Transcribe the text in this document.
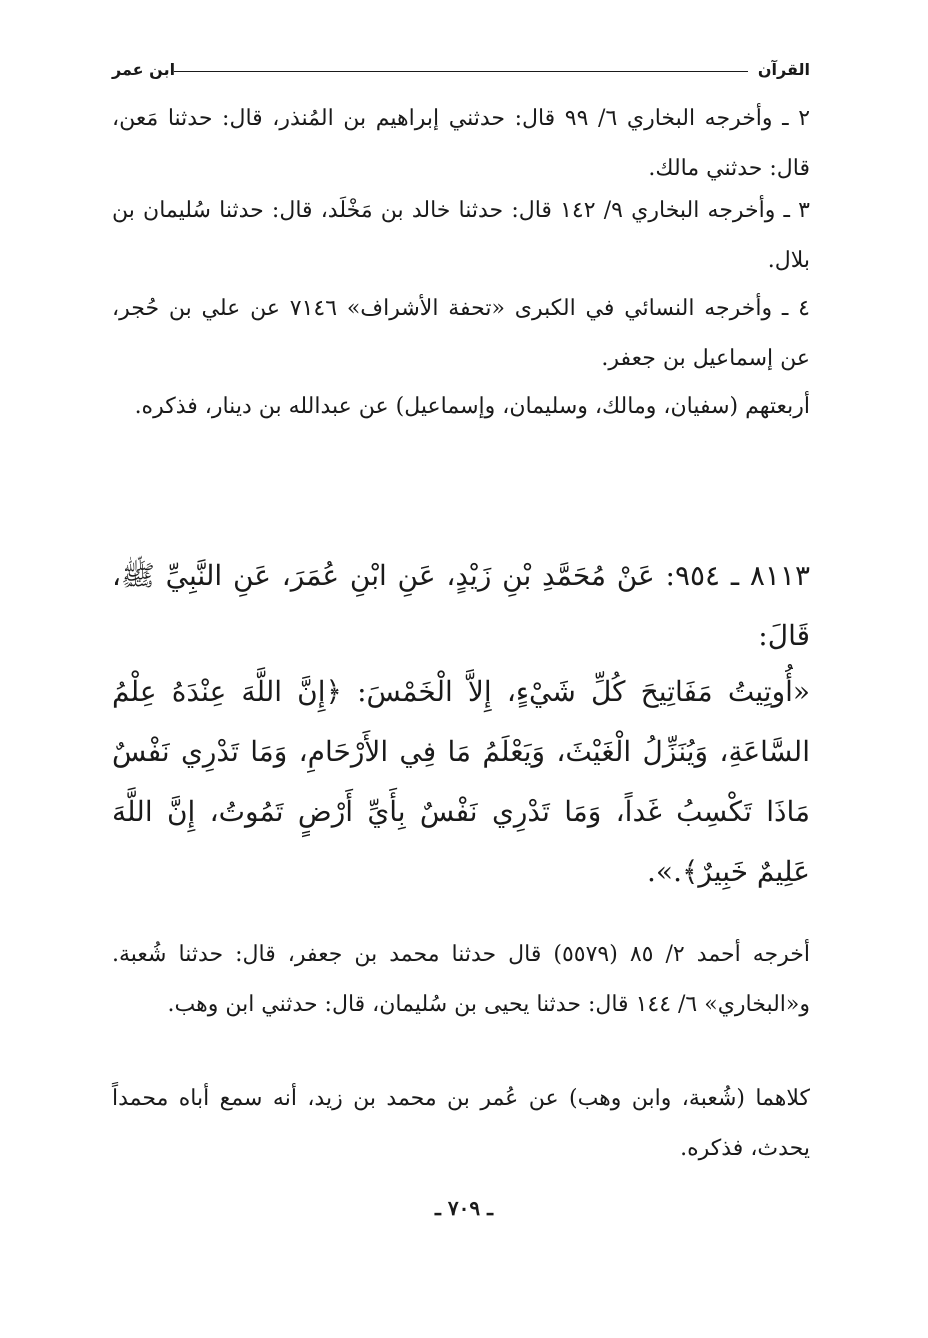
ابن عمر	القرآن

٢ ـ وأخرجه البخاري ٦/ ٩٩ قال: حدثني إبراهيم بن المُنذر، قال: حدثنا مَعن، قال: حدثني مالك.

٣ ـ وأخرجه البخاري ٩/ ١٤٢ قال: حدثنا خالد بن مَخْلَد، قال: حدثنا سُليمان بن بلال.

٤ ـ وأخرجه النسائي في الكبرى «تحفة الأشراف» ٧١٤٦ عن علي بن حُجر، عن إسماعيل بن جعفر.

أربعتهم (سفيان، ومالك، وسليمان، وإسماعيل) عن عبدالله بن دينار، فذكره.

٨١١٣ ـ ٩٥٤: عَنْ مُحَمَّدِ بْنِ زَيْدٍ، عَنِ ابْنِ عُمَرَ، عَنِ النَّبِيِّ ﷺ، قَالَ:

«أُوتِيتُ مَفَاتِيحَ كُلِّ شَيْءٍ، إِلاَّ الْخَمْسَ: ﴿إِنَّ اللَّهَ عِنْدَهُ عِلْمُ السَّاعَةِ، وَيُنَزِّلُ الْغَيْثَ، وَيَعْلَمُ مَا فِي الأَرْحَامِ، وَمَا تَدْرِي نَفْسٌ مَاذَا تَكْسِبُ غَداً، وَمَا تَدْرِي نَفْسٌ بِأَيِّ أَرْضٍ تَمُوتُ، إِنَّ اللَّهَ عَلِيمٌ خَبِيرٌ﴾.».

أخرجه أحمد ٢/ ٨٥ (٥٥٧٩) قال حدثنا محمد بن جعفر، قال: حدثنا شُعبة. و«البخاري» ٦/ ١٤٤ قال: حدثنا يحيى بن سُليمان، قال: حدثني ابن وهب.

كلاهما (شُعبة، وابن وهب) عن عُمر بن محمد بن زيد، أنه سمع أباه محمداً يحدث، فذكره.

ـ ٧٠٩ ـ
